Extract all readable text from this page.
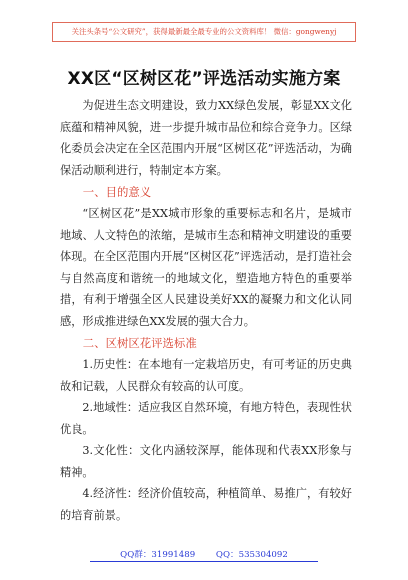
关注头条号“公文研究”，获得最新最全最专业的公文资料库！ 微信：gongwenyj
XX区“区树区花”评选活动实施方案

为促进生态文明建设，致力XX绿色发展，彰显XX文化底蕴和精神风貌，进一步提升城市品位和综合竞争力。区绿化委员会决定在全区范围内开展“区树区花”评选活动，为确保活动顺利进行，特制定本方案。

一、目的意义

“区树区花”是XX城市形象的重要标志和名片，是城市地域、人文特色的浓缩，是城市生态和精神文明建设的重要体现。在全区范围内开展“区树区花”评选活动，是打造社会与自然高度和谐统一的地域文化，塑造地方特色的重要举措，有利于增强全区人民建设美好XX的凝聚力和文化认同感，形成推进绿色XX发展的强大合力。

二、区树区花评选标准

1.历史性：在本地有一定栽培历史，有可考证的历史典故和记载，人民群众有较高的认可度。

2.地域性：适应我区自然环境，有地方特色，表现性状优良。

3.文化性：文化内涵较深厚，能体现和代表XX形象与精神。

4.经济性：经济价值较高，种植简单、易推广，有较好的培育前景。

QQ群：31991489 QQ：535304092
